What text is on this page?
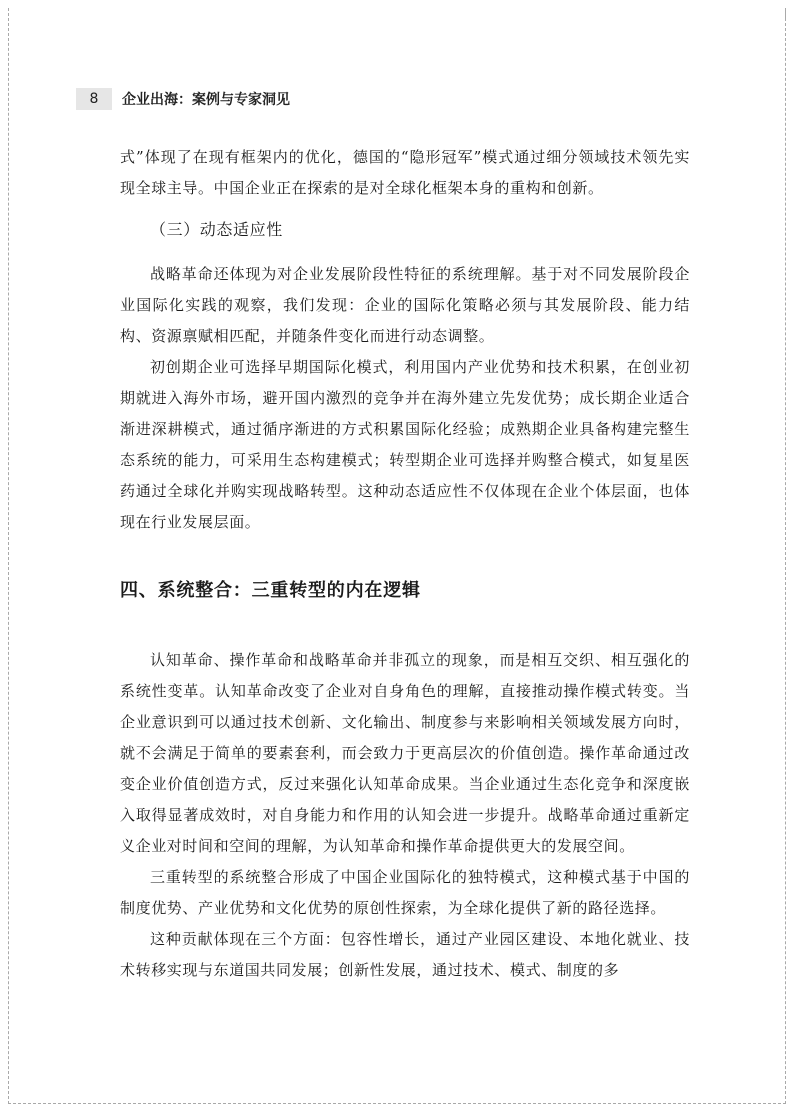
8	企业出海：案例与专家洞见

式”体现了在现有框架内的优化，德国的“隐形冠军”模式通过细分领域技术领先实现全球主导。中国企业正在探索的是对全球化框架本身的重构和创新。

（三）动态适应性

战略革命还体现为对企业发展阶段性特征的系统理解。基于对不同发展阶段企业国际化实践的观察，我们发现：企业的国际化策略必须与其发展阶段、能力结构、资源禀赋相匹配，并随条件变化而进行动态调整。

初创期企业可选择早期国际化模式，利用国内产业优势和技术积累，在创业初期就进入海外市场，避开国内激烈的竞争并在海外建立先发优势；成长期企业适合渐进深耕模式，通过循序渐进的方式积累国际化经验；成熟期企业具备构建完整生态系统的能力，可采用生态构建模式；转型期企业可选择并购整合模式，如复星医药通过全球化并购实现战略转型。这种动态适应性不仅体现在企业个体层面，也体现在行业发展层面。

四、系统整合：三重转型的内在逻辑

认知革命、操作革命和战略革命并非孤立的现象，而是相互交织、相互强化的系统性变革。认知革命改变了企业对自身角色的理解，直接推动操作模式转变。当企业意识到可以通过技术创新、文化输出、制度参与来影响相关领域发展方向时，就不会满足于简单的要素套利，而会致力于更高层次的价值创造。操作革命通过改变企业价值创造方式，反过来强化认知革命成果。当企业通过生态化竞争和深度嵌入取得显著成效时，对自身能力和作用的认知会进一步提升。战略革命通过重新定义企业对时间和空间的理解，为认知革命和操作革命提供更大的发展空间。

三重转型的系统整合形成了中国企业国际化的独特模式，这种模式基于中国的制度优势、产业优势和文化优势的原创性探索，为全球化提供了新的路径选择。

这种贡献体现在三个方面：包容性增长，通过产业园区建设、本地化就业、技术转移实现与东道国共同发展；创新性发展，通过技术、模式、制度的多
